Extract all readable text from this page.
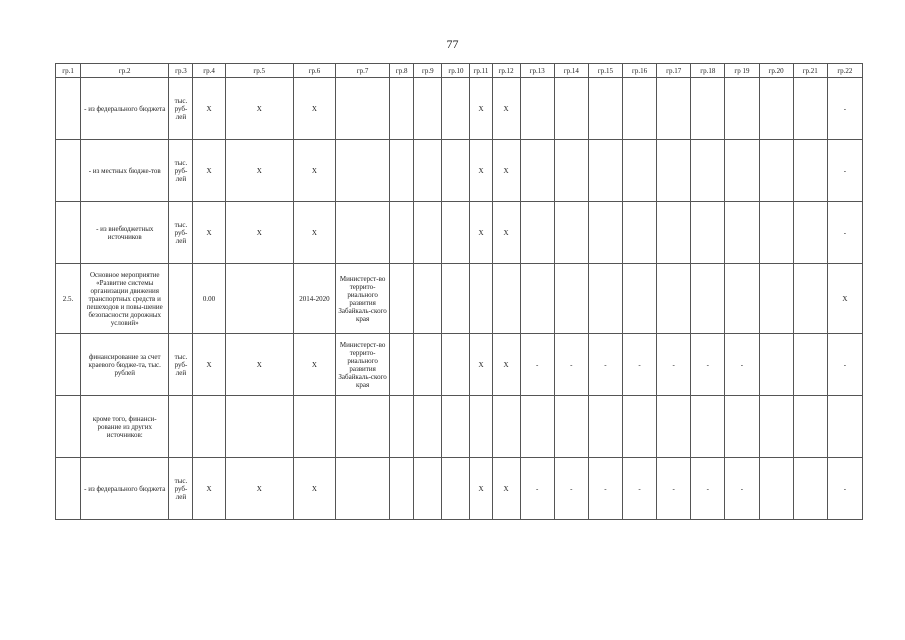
77
гр.1	гр.2	гр.3	гр.4	гр.5	гр.6	гр.7	гр.8	гр.9	гр.10	гр.11	гр.12	гр.13	гр.14	гр.15	гр.16	гр.17	гр.18	гр 19	гр.20	гр.21	гр.22
	- из федерального бюджета	тыс. руб-лей	X	X	X					X	X										-
	- из местных бюдже-тов	тыс. руб-лей	X	X	X					X	X										-
	- из внебюджетных источников	тыс. руб-лей	X	X	X					X	X										-
2.5.	Основное мероприятие «Развитие системы организации движения транспортных средств и пешеходов и повы-шение безопасности дорожных условий»		0.00		2014-2020	Министерст-во террито-риального развития Забайкаль-ского края															X
	финансирование за счет краевого бюдже-та, тыс. рублей	тыс. руб-лей	X	X	X	Министерст-во террито-риального развития Забайкаль-ского края				X	X	-	-	-	-	-	-	-			-
	кроме того, финанси-рование из других источников:																				
	- из федерального бюджета	тыс. руб-лей	X	X	X					X	X	-	-	-	-	-	-	-			-
